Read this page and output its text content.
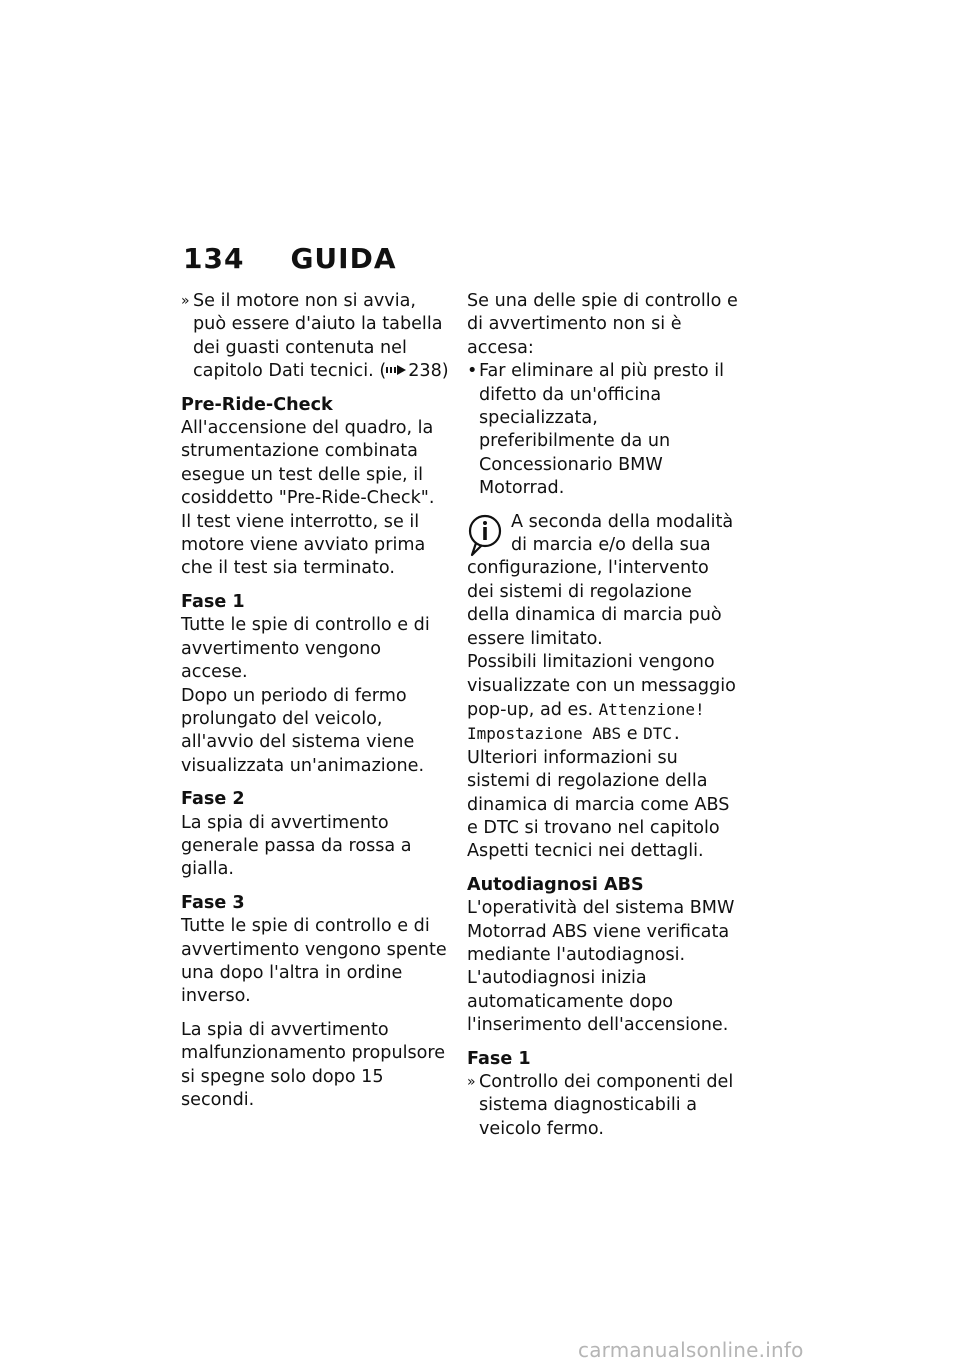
134 GUIDA
» Se il motore non si avvia, può essere d'aiuto la tabella dei guasti contenuta nel capitolo Dati tecnici. ( 238)

Pre-Ride-Check

All'accensione del quadro, la strumentazione combinata esegue un test delle spie, il cosiddetto "Pre-Ride-Check". Il test viene interrotto, se il motore viene avviato prima che il test sia terminato.

Fase 1

Tutte le spie di controllo e di avvertimento vengono accese.

Dopo un periodo di fermo prolungato del veicolo, all'avvio del sistema viene visualizzata un'animazione.

Fase 2

La spia di avvertimento generale passa da rossa a gialla.

Fase 3

Tutte le spie di controllo e di avvertimento vengono spente una dopo l'altra in ordine inverso.

La spia di avvertimento malfunzionamento propulsore si spegne solo dopo 15 secondi.

Se una delle spie di controllo e di avvertimento non si è accesa:

• Far eliminare al più presto il difetto da un'officina specializzata, preferibilmente da un Concessionario BMW Motorrad.
A seconda della modalità di marcia e/o della sua configurazione, l'intervento dei sistemi di regolazione della dinamica di marcia può essere limitato.

Possibili limitazioni vengono visualizzate con un messaggio pop-up, ad es. Attenzione! Impostazione ABS e DTC.

Ulteriori informazioni su sistemi di regolazione della dinamica di marcia come ABS e DTC si trovano nel capitolo Aspetti tecnici nei dettagli.

Autodiagnosi ABS

L'operatività del sistema BMW Motorrad ABS viene verificata mediante l'autodiagnosi. L'autodiagnosi inizia automaticamente dopo l'inserimento dell'accensione.

Fase 1

» Controllo dei componenti del sistema diagnosticabili a veicolo fermo.
carmanualsonline.info
